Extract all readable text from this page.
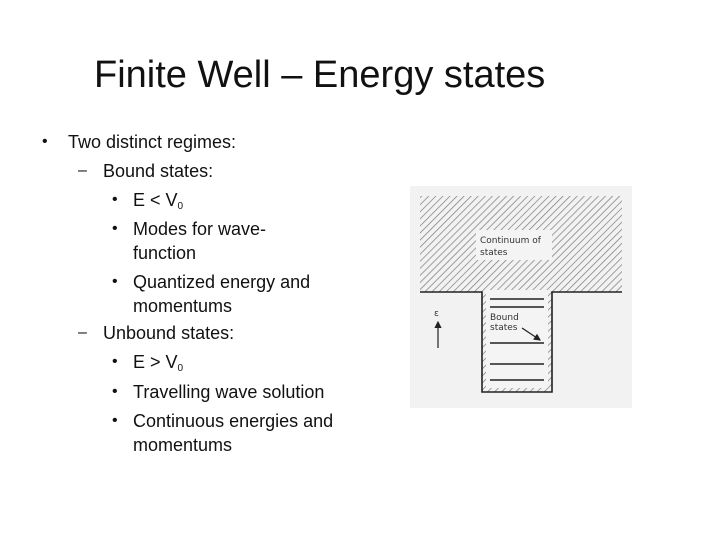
Finite Well – Energy states
• Two distinct regimes:
– Bound states:
• $E < V_0$
• Modes for wave-
function
• Quantized energy and
momentums
– Unbound states:
• $E > V_0$
• Travelling wave solution
• Continuous energies and
momentums
Continuum of
states
Bound
states
ε
